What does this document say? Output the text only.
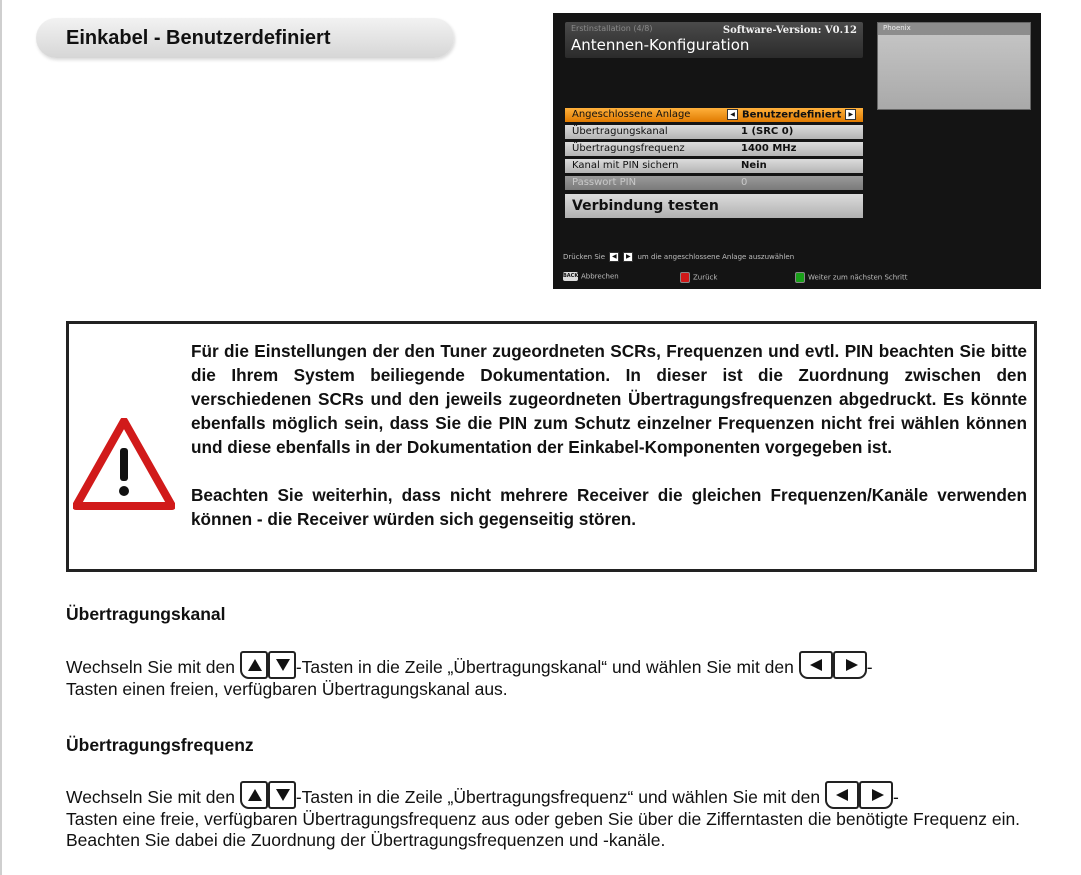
Einkabel - Benutzerdefiniert	Erstinstallation (4/8)	Software-Version: V0.12
Antennen-Konfiguration
Phoenix
Angeschlossene Anlage	◀ Benutzerdefiniert ▶
Übertragungskanal	1 (SRC 0)
Übertragungsfrequenz	1400 MHz
Kanal mit PIN sichern	Nein
Passwort PIN	0
Verbindung testen
Drücken Sie ◀ ▶ um die angeschlossene Anlage auszuwählen
BACK Abbrechen	Zurück	Weiter zum nächsten Schritt

Für die Einstellungen der den Tuner zugeordneten SCRs, Frequenzen und evtl. PIN beachten Sie bitte die Ihrem System beiliegende Dokumentation. In dieser ist die Zuordnung zwischen den verschiedenen SCRs und den jeweils zugeordneten Übertragungsfrequenzen abgedruckt. Es könnte ebenfalls möglich sein, dass Sie die PIN zum Schutz einzelner Frequenzen nicht frei wählen können und diese ebenfalls in der Dokumentation der Einkabel-Komponenten vorgegeben ist.

Beachten Sie weiterhin, dass nicht mehrere Receiver die gleichen Frequenzen/Kanäle verwenden können - die Receiver würden sich gegenseitig stören.

Übertragungskanal
Wechseln Sie mit den	-Tasten in die Zeile „Übertragungskanal“ und wählen Sie mit den	-
Tasten einen freien, verfügbaren Übertragungskanal aus.
Übertragungsfrequenz
Wechseln Sie mit den	-Tasten in die Zeile „Übertragungsfrequenz“ und wählen Sie mit den	-
Tasten eine freie, verfügbaren Übertragungsfrequenz aus oder geben Sie über die Zifferntasten die benötigte Frequenz ein. Beachten Sie dabei die Zuordnung der Übertragungsfrequenzen und -kanäle.
